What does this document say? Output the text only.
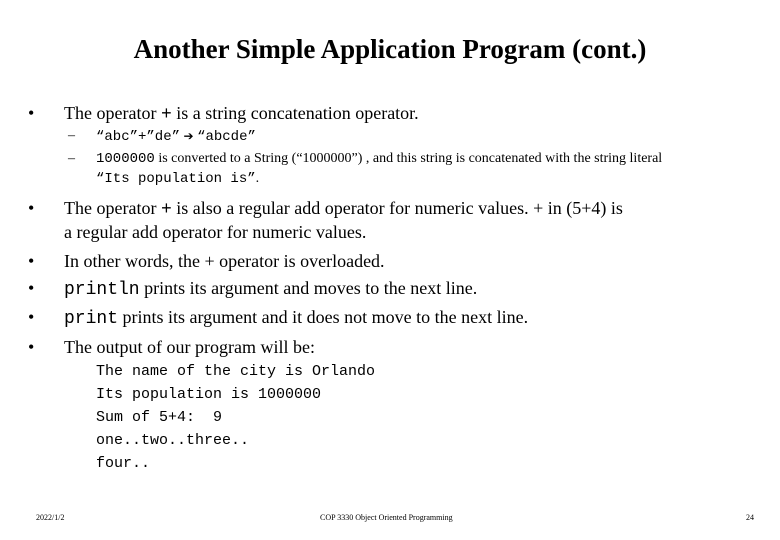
Another Simple Application Program (cont.)
• The operator + is a string concatenation operator.
– “abc”+”de” ➔ “abcde”
– 1000000 is converted to a String (“1000000”) , and this string is concatenated with the string literal
“Its population is”.
• The operator + is also a regular add operator for numeric values. + in (5+4) is
a regular add operator for numeric values.
• In other words, the + operator is overloaded.
• println prints its argument and moves to the next line.
• print prints its argument and it does not move to the next line.
• The output of our program will be:
The name of the city is Orlando
Its population is 1000000
Sum of 5+4:  9
one..two..three..
four..
2022/1/2	COP 3330 Object Oriented Programming	24
